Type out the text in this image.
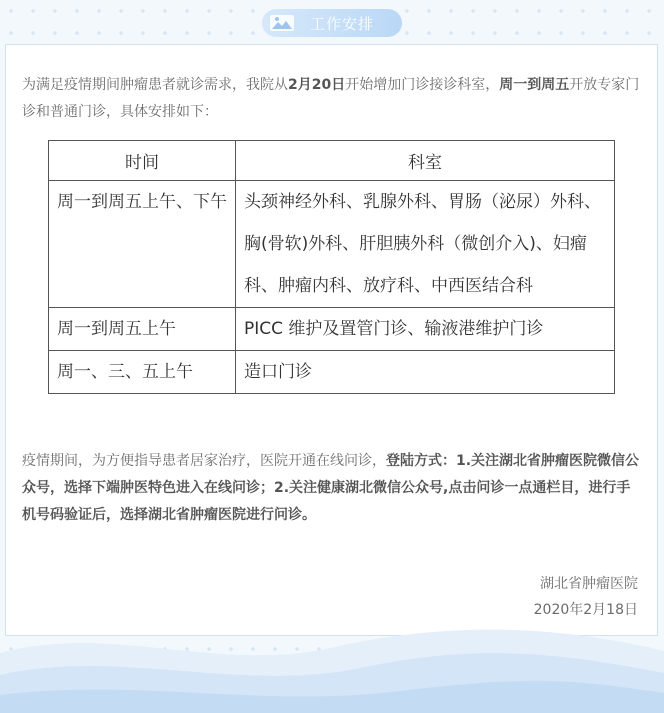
工作安排

为满足疫情期间肿瘤患者就诊需求，我院从2月20日开始增加门诊接诊科室，周一到周五开放专家门诊和普通门诊，具体安排如下：

时间	科室
周一到周五上午、下午	头颈神经外科、乳腺外科、胃肠（泌尿）外科、胸(骨软)外科、肝胆胰外科（微创介入)、妇瘤科、肿瘤内科、放疗科、中西医结合科
周一到周五上午	PICC 维护及置管门诊、输液港维护门诊
周一、三、五上午	造口门诊

疫情期间，为方便指导患者居家治疗，医院开通在线问诊，登陆方式：1.关注湖北省肿瘤医院微信公众号，选择下端肿医特色进入在线问诊；2.关注健康湖北微信公众号,点击问诊一点通栏目，进行手机号码验证后，选择湖北省肿瘤医院进行问诊。

湖北省肿瘤医院
2020年2月18日
